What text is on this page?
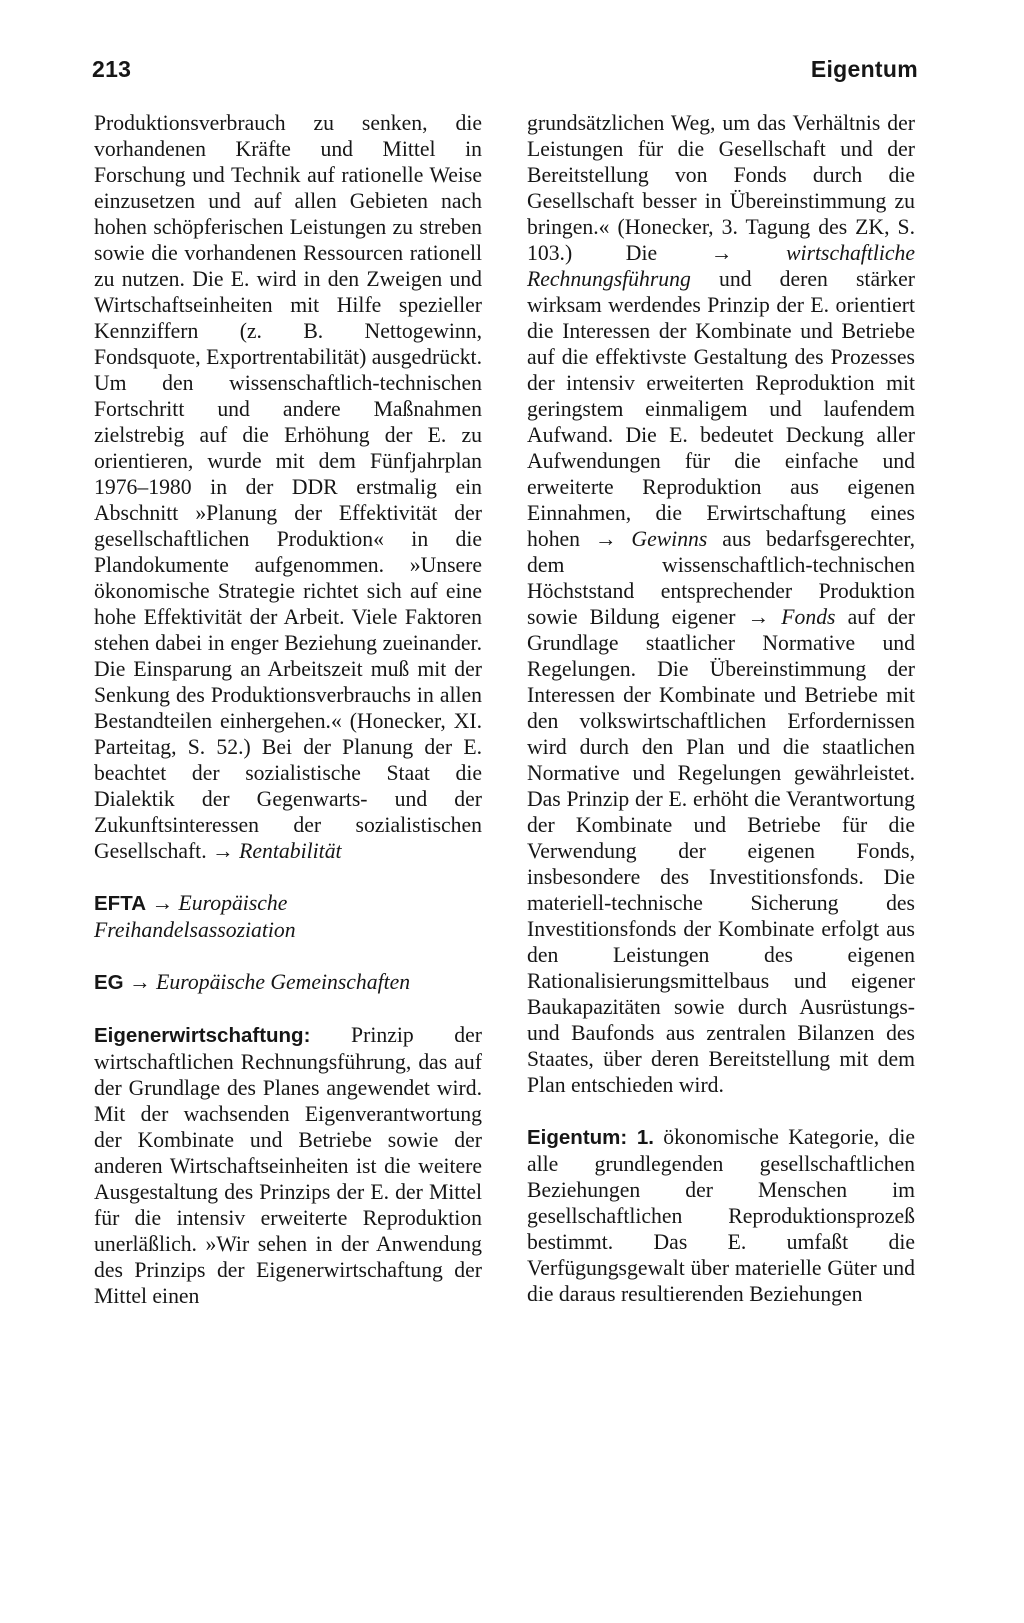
213	Eigentum

Produktionsverbrauch zu senken, die vorhandenen Kräfte und Mittel in Forschung und Technik auf rationelle Weise einzusetzen und auf allen Gebieten nach hohen schöpferischen Leistungen zu streben sowie die vorhandenen Ressourcen rationell zu nutzen. Die E. wird in den Zweigen und Wirtschaftseinheiten mit Hilfe spezieller Kennziffern (z. B. Nettogewinn, Fondsquote, Exportrentabilität) ausgedrückt. Um den wissenschaftlich-technischen Fortschritt und andere Maßnahmen zielstrebig auf die Erhöhung der E. zu orientieren, wurde mit dem Fünfjahrplan 1976–1980 in der DDR erstmalig ein Abschnitt »Planung der Effektivität der gesellschaftlichen Produktion« in die Plandokumente aufgenommen. »Unsere ökonomische Strategie richtet sich auf eine hohe Effektivität der Arbeit. Viele Faktoren stehen dabei in enger Beziehung zueinander. Die Einsparung an Arbeitszeit muß mit der Senkung des Produktionsverbrauchs in allen Bestandteilen einhergehen.« (Honecker, XI. Parteitag, S. 52.) Bei der Planung der E. beachtet der sozialistische Staat die Dialektik der Gegenwarts- und der Zukunftsinteressen der sozialistischen Gesellschaft. → Rentabilität

EFTA → Europäische Freihandelsassoziation

EG → Europäische Gemeinschaften

Eigenerwirtschaftung: Prinzip der wirtschaftlichen Rechnungsführung, das auf der Grundlage des Planes angewendet wird. Mit der wachsenden Eigenverantwortung der Kombinate und Betriebe sowie der anderen Wirtschaftseinheiten ist die weitere Ausgestaltung des Prinzips der E. der Mittel für die intensiv erweiterte Reproduktion unerläßlich. »Wir sehen in der Anwendung des Prinzips der Eigenerwirtschaftung der Mittel einen

grundsätzlichen Weg, um das Verhältnis der Leistungen für die Gesellschaft und der Bereitstellung von Fonds durch die Gesellschaft besser in Übereinstimmung zu bringen.« (Honecker, 3. Tagung des ZK, S. 103.) Die → wirtschaftliche Rechnungsführung und deren stärker wirksam werdendes Prinzip der E. orientiert die Interessen der Kombinate und Betriebe auf die effektivste Gestaltung des Prozesses der intensiv erweiterten Reproduktion mit geringstem einmaligem und laufendem Aufwand. Die E. bedeutet Deckung aller Aufwendungen für die einfache und erweiterte Reproduktion aus eigenen Einnahmen, die Erwirtschaftung eines hohen → Gewinns aus bedarfsgerechter, dem wissenschaftlich-technischen Höchststand entsprechender Produktion sowie Bildung eigener → Fonds auf der Grundlage staatlicher Normative und Regelungen. Die Übereinstimmung der Interessen der Kombinate und Betriebe mit den volkswirtschaftlichen Erfordernissen wird durch den Plan und die staatlichen Normative und Regelungen gewährleistet. Das Prinzip der E. erhöht die Verantwortung der Kombinate und Betriebe für die Verwendung der eigenen Fonds, insbesondere des Investitionsfonds. Die materiell-technische Sicherung des Investitionsfonds der Kombinate erfolgt aus den Leistungen des eigenen Rationalisierungsmittelbaus und eigener Baukapazitäten sowie durch Ausrüstungs- und Baufonds aus zentralen Bilanzen des Staates, über deren Bereitstellung mit dem Plan entschieden wird.

Eigentum: 1. ökonomische Kategorie, die alle grundlegenden gesellschaftlichen Beziehungen der Menschen im gesellschaftlichen Reproduktionsprozeß bestimmt. Das E. umfaßt die Verfügungsgewalt über materielle Güter und die daraus resultierenden Beziehungen
